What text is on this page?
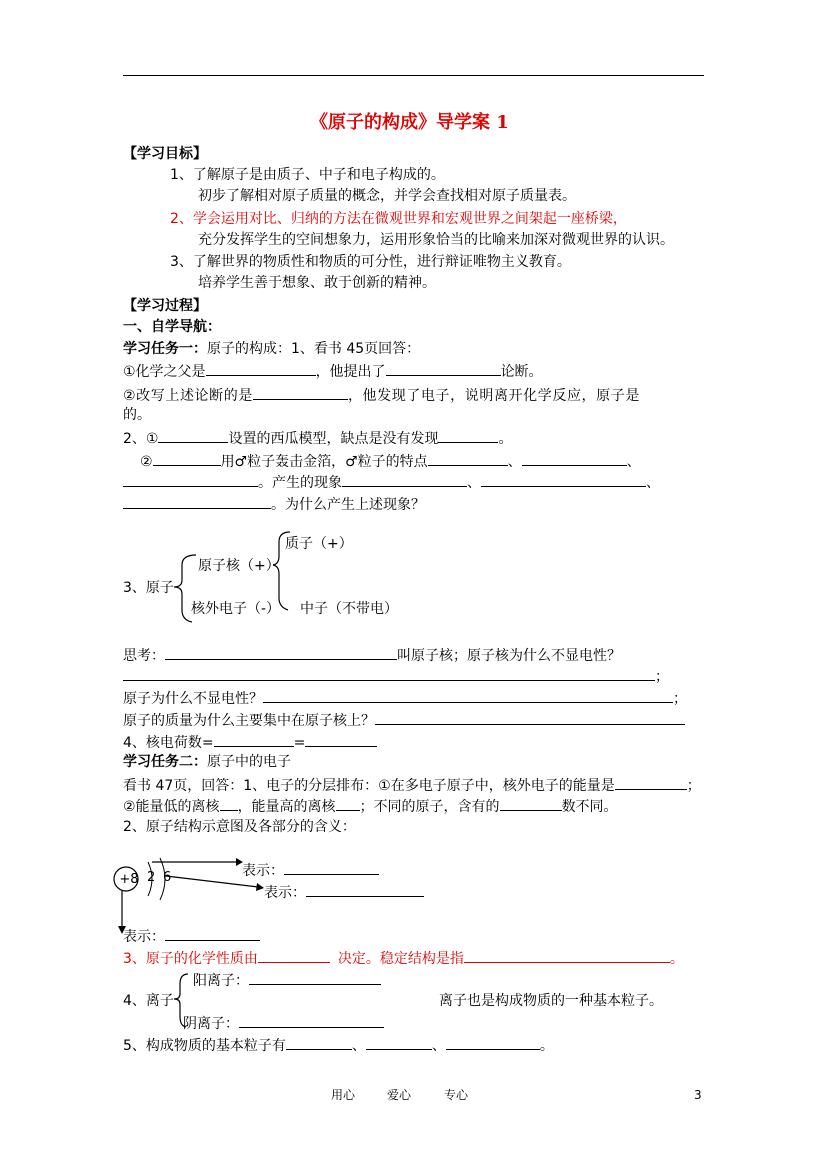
《原子的构成》导学案 1
【学习目标】
1、了解原子是由质子、中子和电子构成的。
初步了解相对原子质量的概念，并学会查找相对原子质量表。
2、学会运用对比、归纳的方法在微观世界和宏观世界之间架起一座桥梁，
充分发挥学生的空间想象力，运用形象恰当的比喻来加深对微观世界的认识。
3、了解世界的物质性和物质的可分性，进行辩证唯物主义教育。
培养学生善于想象、敢于创新的精神。
【学习过程】
一、自学导航：
学习任务一：原子的构成：1、看书 45页回答：
①化学之父是	，他提出了	论断。
②改写上述论断的是	，他发现了电子，说明离开化学反应，原子是
的。
2、①	设置的西瓜模型，缺点是没有发现	。
②	用♂粒子轰击金箔，♂粒子的特点	、	、
。产生的现象	、	、
。为什么产生上述现象？
3、原子
原子核（+）
核外电子（-）
质子（+）
中子（不带电）
思考：	叫原子核；原子核为什么不显电性？
；
原子为什么不显电性？	；
原子的质量为什么主要集中在原子核上？
4、核电荷数=	=
学习任务二：原子中的电子
看书 47页，回答：1、电子的分层排布：①在多电子原子中，核外电子的能量是	；
②能量低的离核 ，能量高的离核 ；不同的原子，含有的	数不同。
2、原子结构示意图及各部分的含义：
+8 2 6	表示：
表示：
表示：
3、原子的化学性质由	决定。稳定结构是指	。
4、离子
阳离子：
阴离子：
离子也是构成物质的一种基本粒子。
5、构成物质的基本粒子有	、	、	。
用心	爱心	专心	3
